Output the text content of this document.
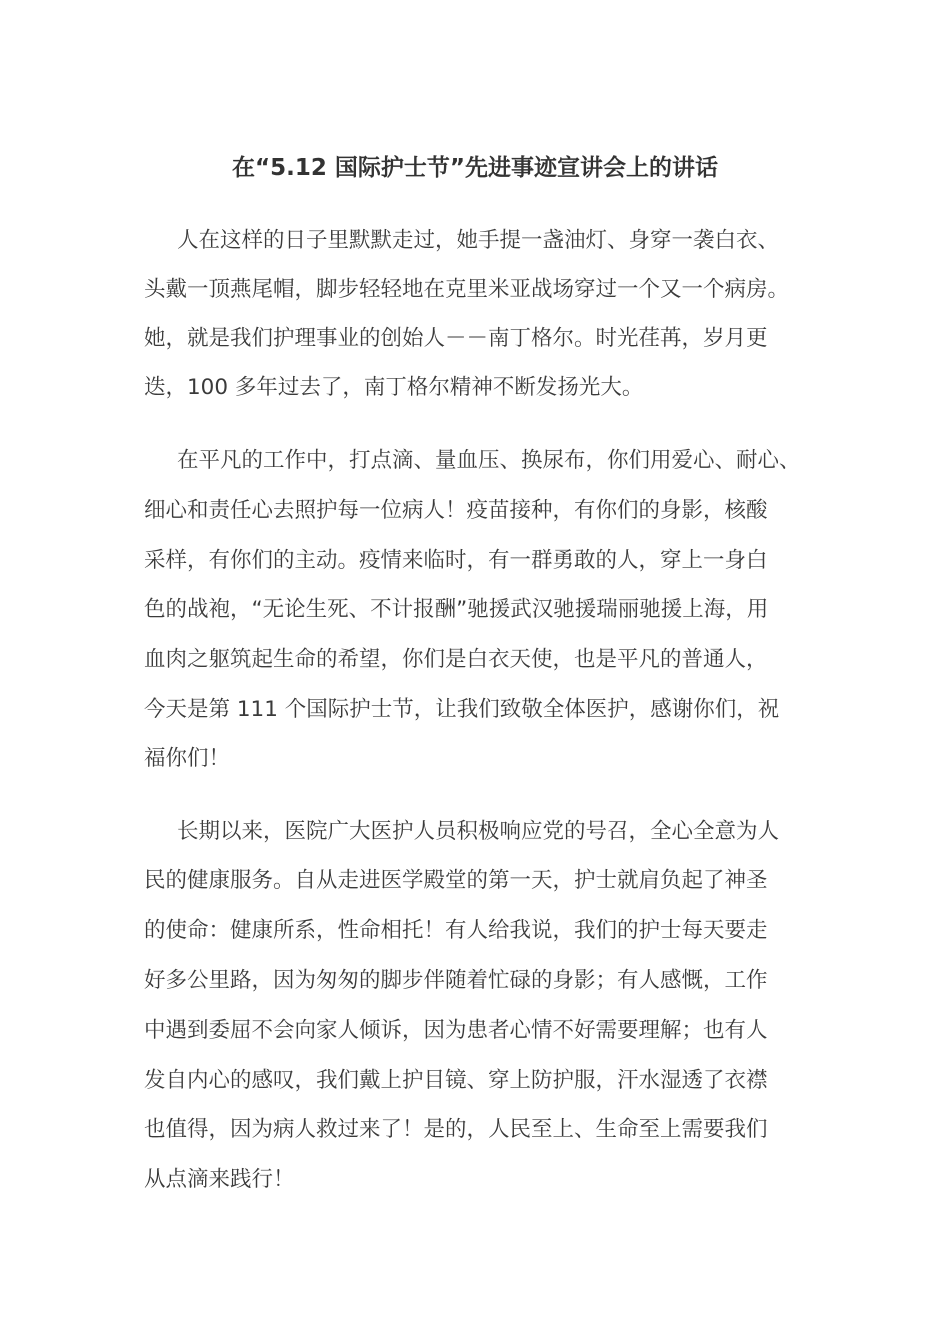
在“5.12 国际护士节”先进事迹宣讲会上的讲话
人在这样的日子里默默走过，她手提一盏油灯、身穿一袭白衣、
头戴一顶燕尾帽，脚步轻轻地在克里米亚战场穿过一个又一个病房。
她，就是我们护理事业的创始人－－南丁格尔。时光荏苒，岁月更
迭，100 多年过去了，南丁格尔精神不断发扬光大。
在平凡的工作中，打点滴、量血压、换尿布，你们用爱心、耐心、
细心和责任心去照护每一位病人！疫苗接种，有你们的身影，核酸
采样，有你们的主动。疫情来临时，有一群勇敢的人，穿上一身白
色的战袍，“无论生死、不计报酬”驰援武汉驰援瑞丽驰援上海，用
血肉之躯筑起生命的希望，你们是白衣天使，也是平凡的普通人，
今天是第 111 个国际护士节，让我们致敬全体医护，感谢你们，祝
福你们！
长期以来，医院广大医护人员积极响应党的号召，全心全意为人
民的健康服务。自从走进医学殿堂的第一天，护士就肩负起了神圣
的使命：健康所系，性命相托！有人给我说，我们的护士每天要走
好多公里路，因为匆匆的脚步伴随着忙碌的身影；有人感慨，工作
中遇到委屈不会向家人倾诉，因为患者心情不好需要理解；也有人
发自内心的感叹，我们戴上护目镜、穿上防护服，汗水湿透了衣襟
也值得，因为病人救过来了！是的，人民至上、生命至上需要我们
从点滴来践行！
